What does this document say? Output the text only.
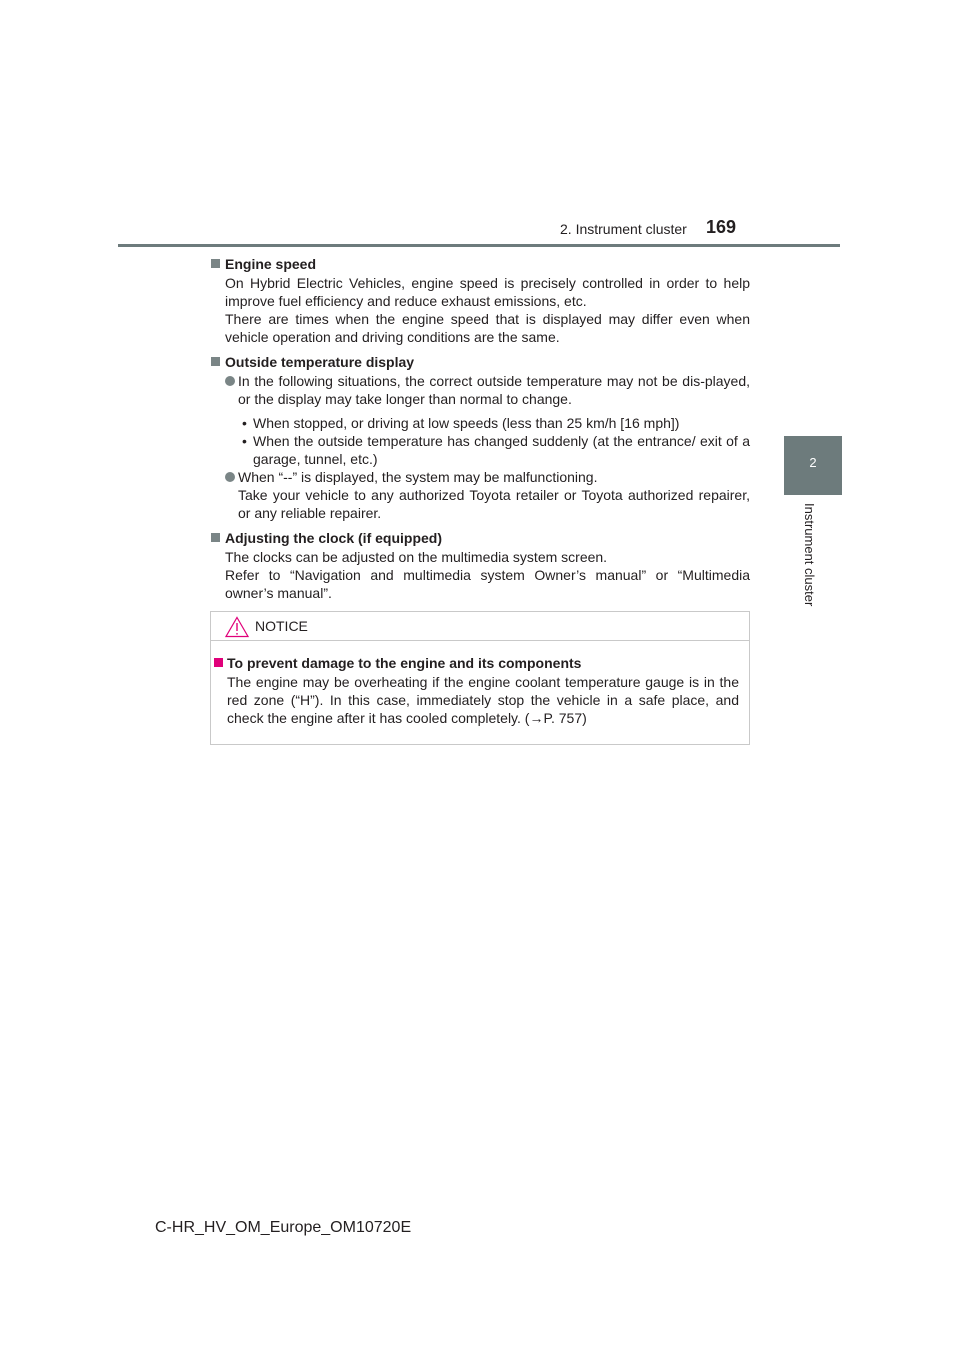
2. Instrument cluster 169
2
Instrument cluster
Engine speed
On Hybrid Electric Vehicles, engine speed is precisely controlled in order to help improve fuel efficiency and reduce exhaust emissions, etc.
There are times when the engine speed that is displayed may differ even when vehicle operation and driving conditions are the same.
Outside temperature display
In the following situations, the correct outside temperature may not be dis-played, or the display may take longer than normal to change.
• When stopped, or driving at low speeds (less than 25 km/h [16 mph])
• When the outside temperature has changed suddenly (at the entrance/ exit of a garage, tunnel, etc.)
When “--” is displayed, the system may be malfunctioning.
Take your vehicle to any authorized Toyota retailer or Toyota authorized repairer, or any reliable repairer.
Adjusting the clock (if equipped)
The clocks can be adjusted on the multimedia system screen.
Refer to “Navigation and multimedia system Owner’s manual” or “Multimedia owner’s manual”.
NOTICE
To prevent damage to the engine and its components
The engine may be overheating if the engine coolant temperature gauge is in the red zone (“H”). In this case, immediately stop the vehicle in a safe place, and check the engine after it has cooled completely. (→P. 757)
C-HR_HV_OM_Europe_OM10720E
